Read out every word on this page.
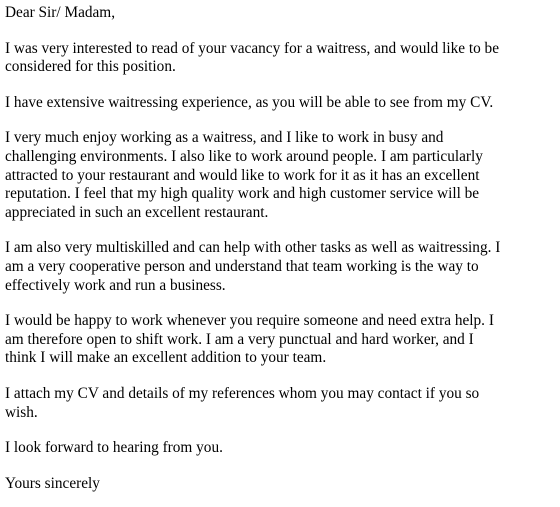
Dear Sir/ Madam,

I was very interested to read of your vacancy for a waitress, and would like to be
considered for this position.

I have extensive waitressing experience, as you will be able to see from my CV.

I very much enjoy working as a waitress, and I like to work in busy and
challenging environments. I also like to work around people. I am particularly
attracted to your restaurant and would like to work for it as it has an excellent
reputation. I feel that my high quality work and high customer service will be
appreciated in such an excellent restaurant.

I am also very multiskilled and can help with other tasks as well as waitressing. I
am a very cooperative person and understand that team working is the way to
effectively work and run a business.

I would be happy to work whenever you require someone and need extra help. I
am therefore open to shift work. I am a very punctual and hard worker, and I
think I will make an excellent addition to your team.

I attach my CV and details of my references whom you may contact if you so
wish.

I look forward to hearing from you.

Yours sincerely
